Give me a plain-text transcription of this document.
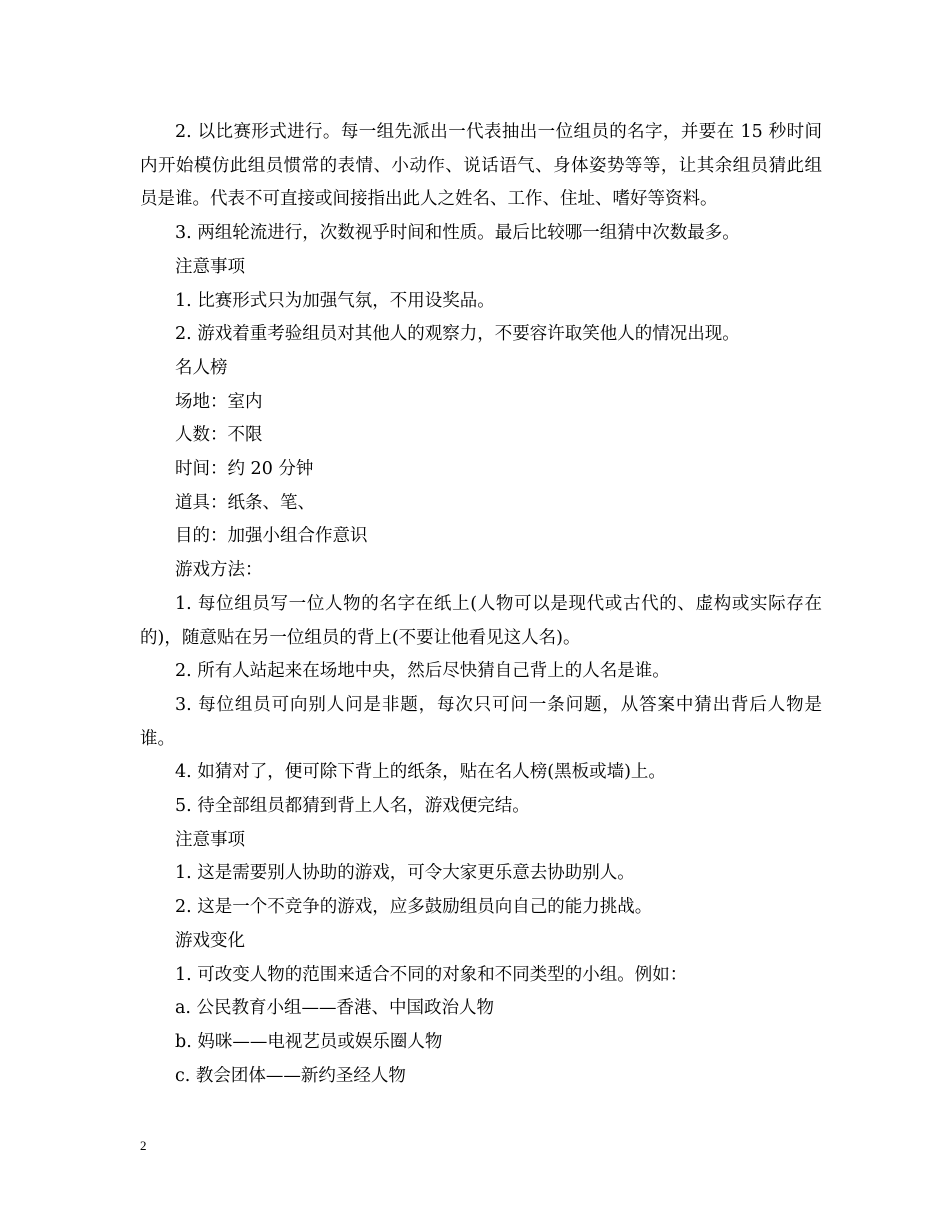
2. 以比赛形式进行。每一组先派出一代表抽出一位组员的名字，并要在 15 秒时间内开始模仿此组员惯常的表情、小动作、说话语气、身体姿势等等，让其余组员猜此组员是谁。代表不可直接或间接指出此人之姓名、工作、住址、嗜好等资料。

3. 两组轮流进行，次数视乎时间和性质。最后比较哪一组猜中次数最多。

注意事项

1. 比赛形式只为加强气氛，不用设奖品。

2. 游戏着重考验组员对其他人的观察力，不要容许取笑他人的情况出现。

名人榜

场地：室内

人数：不限

时间：约 20 分钟

道具：纸条、笔、

目的：加强小组合作意识

游戏方法：

1. 每位组员写一位人物的名字在纸上(人物可以是现代或古代的、虚构或实际存在的)，随意贴在另一位组员的背上(不要让他看见这人名)。

2. 所有人站起来在场地中央，然后尽快猜自己背上的人名是谁。

3. 每位组员可向别人问是非题，每次只可问一条问题，从答案中猜出背后人物是谁。

4. 如猜对了，便可除下背上的纸条，贴在名人榜(黑板或墙)上。

5. 待全部组员都猜到背上人名，游戏便完结。

注意事项

1. 这是需要别人协助的游戏，可令大家更乐意去协助别人。

2. 这是一个不竞争的游戏，应多鼓励组员向自己的能力挑战。

游戏变化

1. 可改变人物的范围来适合不同的对象和不同类型的小组。例如：

a. 公民教育小组——香港、中国政治人物

b. 妈咪——电视艺员或娱乐圈人物

c. 教会团体——新约圣经人物

2
